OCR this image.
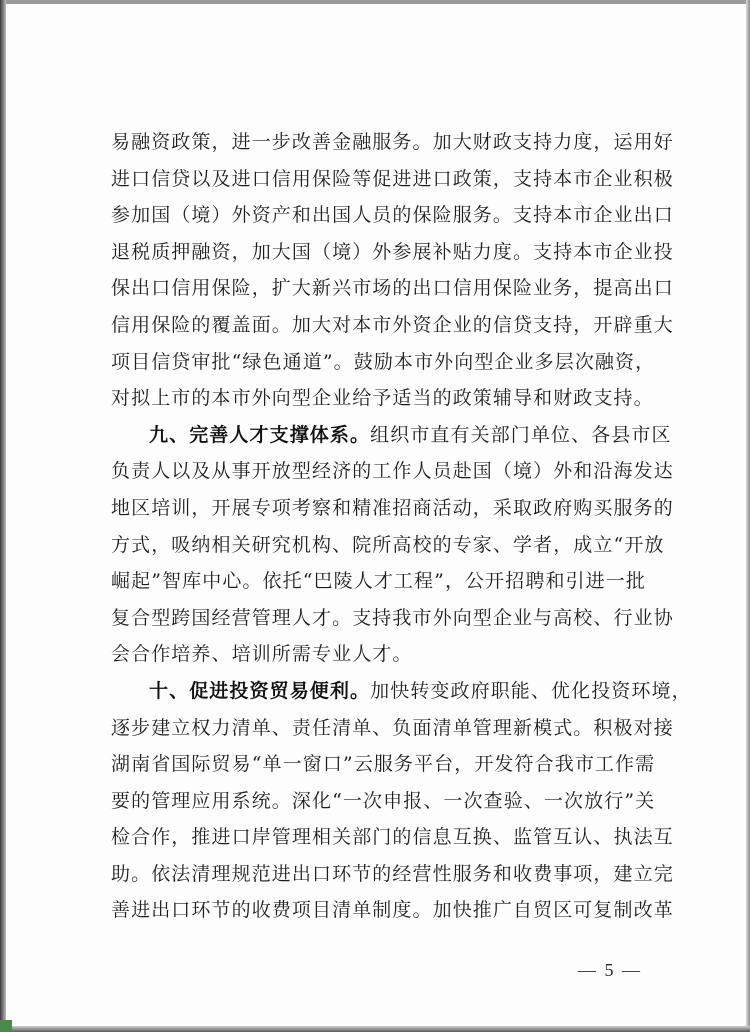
易融资政策，进一步改善金融服务。加大财政支持力度，运用好
进口信贷以及进口信用保险等促进进口政策，支持本市企业积极
参加国（境）外资产和出国人员的保险服务。支持本市企业出口
退税质押融资，加大国（境）外参展补贴力度。支持本市企业投
保出口信用保险，扩大新兴市场的出口信用保险业务，提高出口
信用保险的覆盖面。加大对本市外资企业的信贷支持，开辟重大
项目信贷审批“绿色通道”。鼓励本市外向型企业多层次融资，
对拟上市的本市外向型企业给予适当的政策辅导和财政支持。
九、完善人才支撑体系。组织市直有关部门单位、各县市区
负责人以及从事开放型经济的工作人员赴国（境）外和沿海发达
地区培训，开展专项考察和精准招商活动，采取政府购买服务的
方式，吸纳相关研究机构、院所高校的专家、学者，成立“开放
崛起”智库中心。依托“巴陵人才工程”，公开招聘和引进一批
复合型跨国经营管理人才。支持我市外向型企业与高校、行业协
会合作培养、培训所需专业人才。
十、促进投资贸易便利。加快转变政府职能、优化投资环境，
逐步建立权力清单、责任清单、负面清单管理新模式。积极对接
湖南省国际贸易“单一窗口”云服务平台，开发符合我市工作需
要的管理应用系统。深化“一次申报、一次查验、一次放行”关
检合作，推进口岸管理相关部门的信息互换、监管互认、执法互
助。依法清理规范进出口环节的经营性服务和收费事项，建立完
善进出口环节的收费项目清单制度。加快推广自贸区可复制改革
— 5 —
